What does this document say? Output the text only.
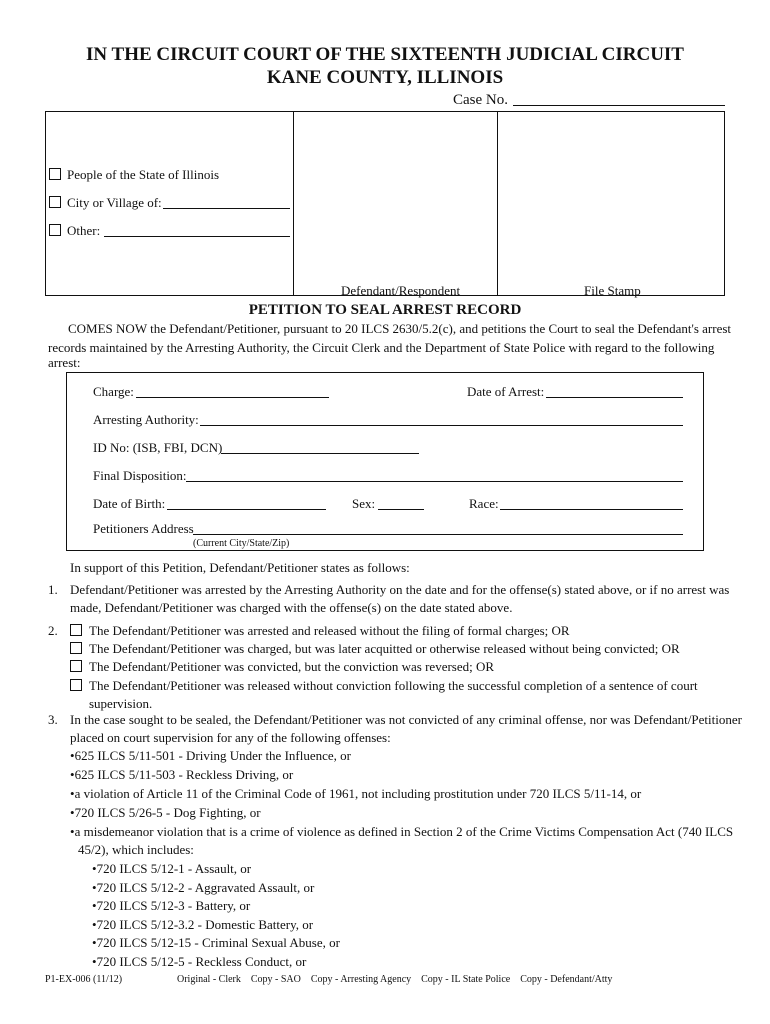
IN THE CIRCUIT COURT OF THE SIXTEENTH JUDICIAL CIRCUIT
KANE COUNTY, ILLINOIS
Case No.
People of the State of Illinois
City or Village of:
Other:
Defendant/Respondent	File Stamp
PETITION TO SEAL ARREST RECORD
COMES NOW the Defendant/Petitioner, pursuant to 20 ILCS 2630/5.2(c), and petitions the Court to seal the Defendant's arrest
records maintained by the Arresting Authority, the Circuit Clerk and the Department of State Police with regard to the following
arrest:
Charge:	Date of Arrest:
Arresting Authority:
ID No: (ISB, FBI, DCN)
Final Disposition:
Date of Birth:	Sex:	Race:
Petitioners Address
(Current City/State/Zip)
In support of this Petition, Defendant/Petitioner states as follows:
1. Defendant/Petitioner was arrested by the Arresting Authority on the date and for the offense(s) stated above, or if no arrest was
made, Defendant/Petitioner was charged with the offense(s) on the date stated above.
2. The Defendant/Petitioner was arrested and released without the filing of formal charges; OR
The Defendant/Petitioner was charged, but was later acquitted or otherwise released without being convicted; OR
The Defendant/Petitioner was convicted, but the conviction was reversed; OR
The Defendant/Petitioner was released without conviction following the successful completion of a sentence of court
supervision.
3. In the case sought to be sealed, the Defendant/Petitioner was not convicted of any criminal offense, nor was Defendant/Petitioner
placed on court supervision for any of the following offenses:
•625 ILCS 5/11-501 - Driving Under the Influence, or
•625 ILCS 5/11-503 - Reckless Driving, or
•a violation of Article 11 of the Criminal Code of 1961, not including prostitution under 720 ILCS 5/11-14, or
•720 ILCS 5/26-5 - Dog Fighting, or
•a misdemeanor violation that is a crime of violence as defined in Section 2 of the Crime Victims Compensation Act (740 ILCS
45/2), which includes:
•720 ILCS 5/12-1 - Assault, or
•720 ILCS 5/12-2 - Aggravated Assault, or
•720 ILCS 5/12-3 - Battery, or
•720 ILCS 5/12-3.2 - Domestic Battery, or
•720 ILCS 5/12-15 - Criminal Sexual Abuse, or
•720 ILCS 5/12-5 - Reckless Conduct, or
P1-EX-006 (11/12)	Original - Clerk    Copy - SAO    Copy - Arresting Agency    Copy - IL State Police    Copy - Defendant/Atty
